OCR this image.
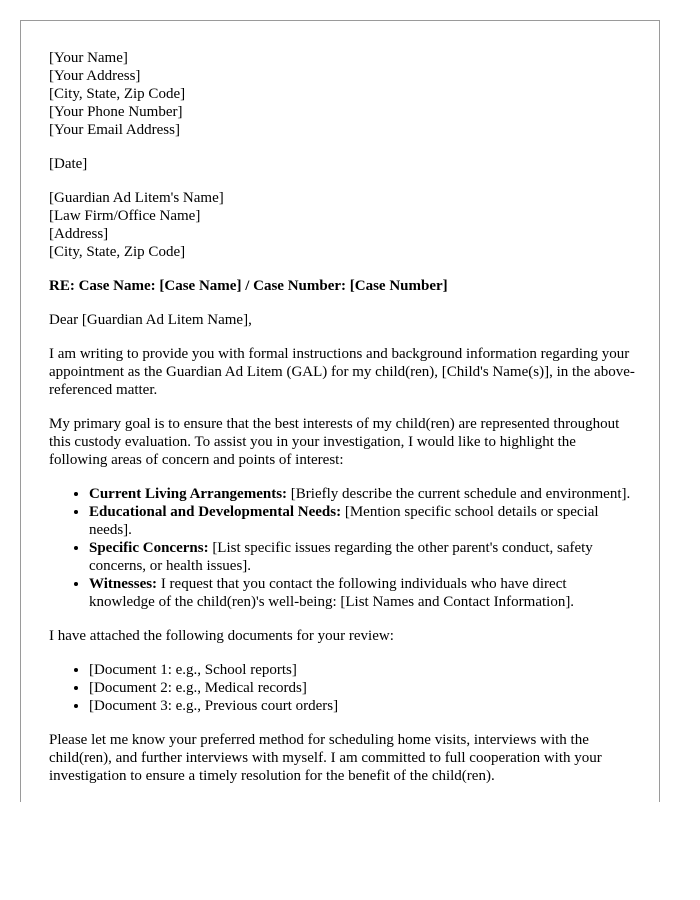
[Your Name]
[Your Address]
[City, State, Zip Code]
[Your Phone Number]
[Your Email Address]

[Date]

[Guardian Ad Litem's Name]
[Law Firm/Office Name]
[Address]
[City, State, Zip Code]

RE: Case Name: [Case Name] / Case Number: [Case Number]

Dear [Guardian Ad Litem Name],

I am writing to provide you with formal instructions and background information regarding your appointment as the Guardian Ad Litem (GAL) for my child(ren), [Child's Name(s)], in the above-referenced matter.

My primary goal is to ensure that the best interests of my child(ren) are represented throughout this custody evaluation. To assist you in your investigation, I would like to highlight the following areas of concern and points of interest:

• Current Living Arrangements: [Briefly describe the current schedule and environment].
• Educational and Developmental Needs: [Mention specific school details or special needs].
• Specific Concerns: [List specific issues regarding the other parent's conduct, safety concerns, or health issues].
• Witnesses: I request that you contact the following individuals who have direct knowledge of the child(ren)'s well-being: [List Names and Contact Information].

I have attached the following documents for your review:

• [Document 1: e.g., School reports]
• [Document 2: e.g., Medical records]
• [Document 3: e.g., Previous court orders]

Please let me know your preferred method for scheduling home visits, interviews with the child(ren), and further interviews with myself. I am committed to full cooperation with your investigation to ensure a timely resolution for the benefit of the child(ren).
